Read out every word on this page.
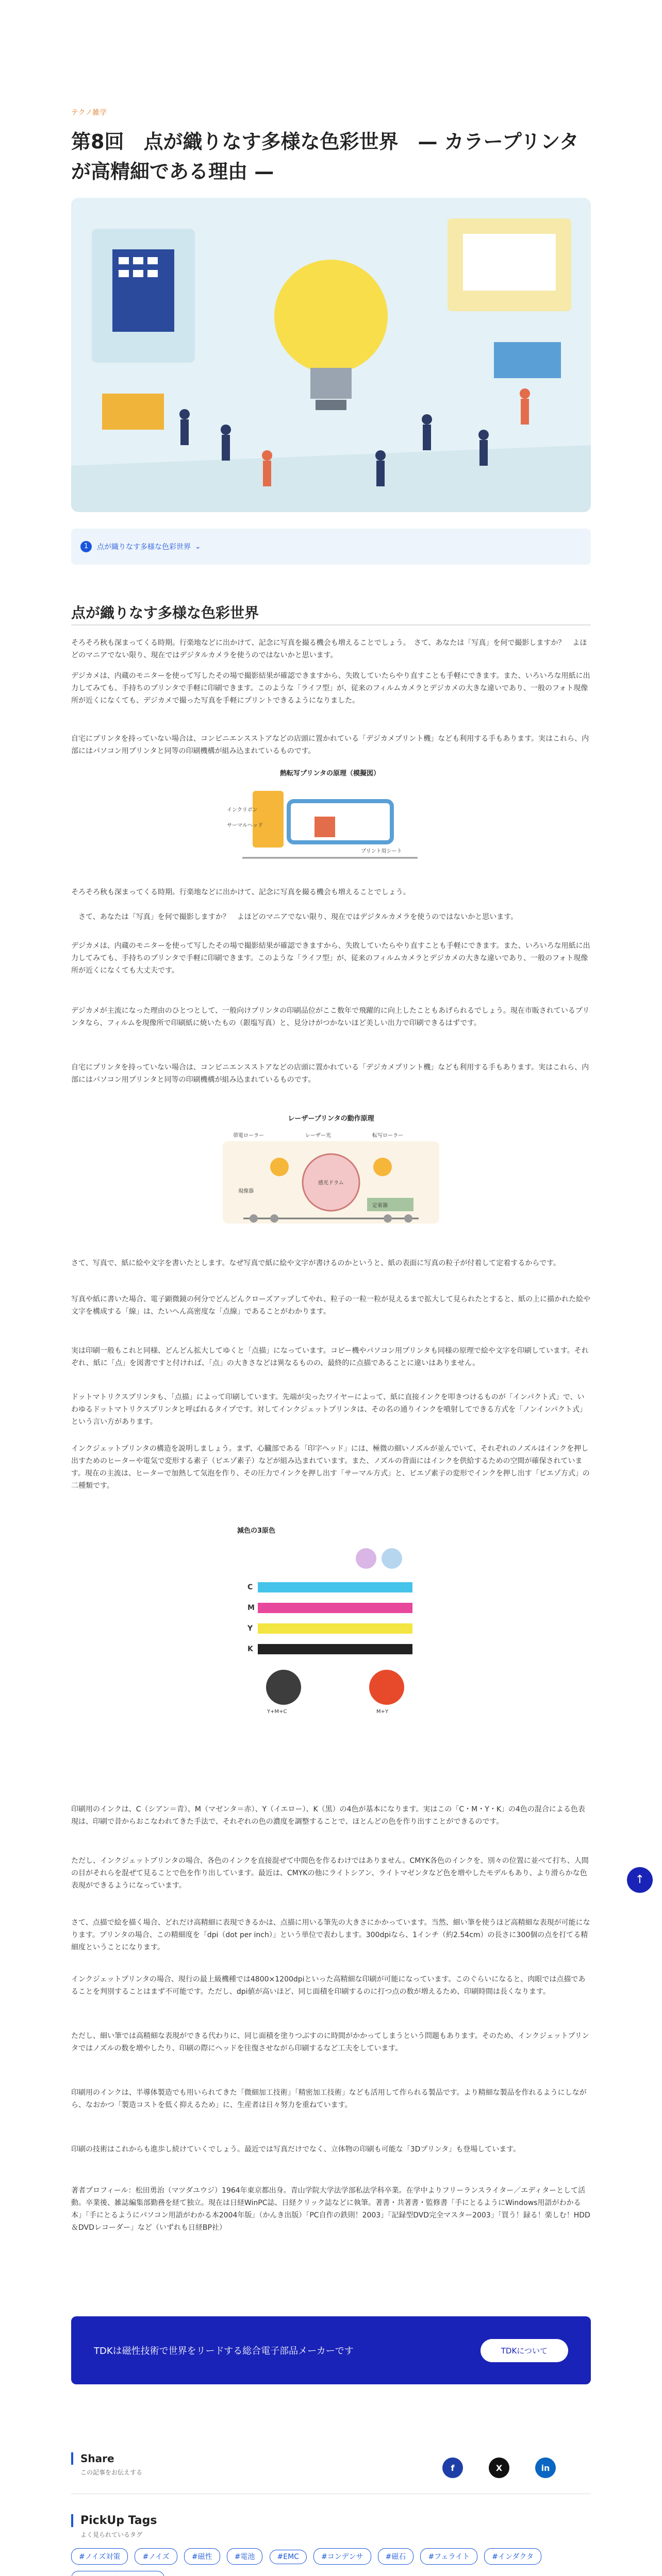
テクノ雑学
第8回　点が織りなす多様な色彩世界　— カラープリンタが高精細である理由 —
1	点が織りなす多様な色彩世界 ⌄
点が織りなす多様な色彩世界
そろそろ秋も深まってくる時期。行楽地などに出かけて、記念に写真を撮る機会も増えることでしょう。　さて、あなたは「写真」を何で撮影しますか？　よほどのマニアでない限り、現在ではデジタルカメラを使うのではないかと思います。
デジカメは、内蔵のモニターを使って写したその場で撮影結果が確認できますから、失敗していたらやり直すことも手軽にできます。また、いろいろな用紙に出力してみても、手持ちのプリンタで手軽に印刷できます。このような「ライフ型」が、従来のフィルムカメラとデジカメの大きな違いであり、一般のフォト現像所が近くになくても、デジカメで撮った写真を手軽にプリントできるようになりました。
自宅にプリンタを持っていない場合は、コンビニエンスストアなどの店頭に置かれている「デジカメプリント機」なども利用する手もあります。実はこれら、内部にはパソコン用プリンタと同等の印刷機構が組み込まれているものです。
熱転写プリンタの原理（模擬図）
インクリボン
サーマルヘッド
プリント用シート
そろそろ秋も深まってくる時期。行楽地などに出かけて、記念に写真を撮る機会も増えることでしょう。
　さて、あなたは「写真」を何で撮影しますか？　よほどのマニアでない限り、現在ではデジタルカメラを使うのではないかと思います。
デジカメは、内蔵のモニターを使って写したその場で撮影結果が確認できますから、失敗していたらやり直すことも手軽にできます。また、いろいろな用紙に出力してみても、手持ちのプリンタで手軽に印刷できます。このような「ライフ型」が、従来のフィルムカメラとデジカメの大きな違いであり、一般のフォト現像所が近くになくても大丈夫です。
デジカメが主流になった理由のひとつとして、一般向けプリンタの印刷品位がここ数年で飛躍的に向上したこともあげられるでしょう。現在市販されているプリンタなら、フィルムを現像所で印刷紙に焼いたもの（銀塩写真）と、見分けがつかないほど美しい出力で印刷できるはずです。
自宅にプリンタを持っていない場合は、コンビニエンスストアなどの店頭に置かれている「デジカメプリント機」なども利用する手もあります。実はこれら、内部にはパソコン用プリンタと同等の印刷機構が組み込まれているものです。
レーザープリンタの動作原理
帯電ローラー	レーザー光
感光ドラム
転写ローラー
定着器
現像器
さて、写真で、紙に絵や文字を書いたとします。なぜ写真で紙に絵や文字が書けるのかというと、紙の表面に写真の粒子が付着して定着するからです。
写真や紙に書いた場合、電子顕微鏡の何分でどんどんクローズアップしてやれ、粒子の一粒一粒が見えるまで拡大して見られたとすると、紙の上に描かれた絵や文字を構成する「線」は、たいへん高密度な「点線」であることがわかります。
実は印刷一般もこれと同様、どんどん拡大してゆくと「点描」になっています。コピー機やパソコン用プリンタも同様の原理で絵や文字を印刷しています。それぞれ、紙に「点」を図書ですと付ければ、「点」の大きさなどは異なるものの、最終的に点描であることに違いはありません。
ドットマトリクスプリンタも、「点描」によって印刷しています。先端が尖ったワイヤーによって、紙に直接インクを叩きつけるものが「インパクト式」で、いわゆるドットマトリクスプリンタと呼ばれるタイプです。対してインクジェットプリンタは、その名の通りインクを噴射してできる方式を「ノンインパクト式」という言い方があります。
インクジェットプリンタの構造を説明しましょう。まず、心臓部である「印字ヘッド」には、極微の細いノズルが並んでいて、それぞれのノズルはインクを押し出すためのヒーターや電気で変形する素子（ピエゾ素子）などが組み込まれています。また、ノズルの背面にはインクを供給するための空間が確保されています。現在の主流は、ヒーターで加熱して気泡を作り、その圧力でインクを押し出す「サーマル方式」と、ピエゾ素子の変形でインクを押し出す「ピエゾ方式」の二種類です。
減色の3原色
C
M
Y
K
Y+M+C	M+Y
印刷用のインクは、C（シアン＝青）、M（マゼンタ＝赤）、Y（イエロー）、K（黒）の4色が基本になります。実はこの「C・M・Y・K」の4色の混合による色表現は、印刷で昔からおこなわれてきた手法で、それぞれの色の濃度を調整することで、ほとんどの色を作り出すことができるのです。
ただし、インクジェットプリンタの場合、各色のインクを直接混ぜて中間色を作るわけではありません。CMYK各色のインクを、別々の位置に並べて打ち、人間の目がそれらを混ぜて見ることで色を作り出しています。最近は、CMYKの他にライトシアン、ライトマゼンタなど色を増やしたモデルもあり、より滑らかな色表現ができるようになっています。
さて、点描で絵を描く場合、どれだけ高精細に表現できるかは、点描に用いる筆先の大きさにかかっています。当然、細い筆を使うほど高精細な表現が可能になります。プリンタの場合、この精細度を「dpi（dot per inch）」という単位で表わします。300dpiなら、1インチ（約2.54cm）の長さに300個の点を打てる精細度ということになります。
インクジェットプリンタの場合、現行の最上級機種では4800×1200dpiといった高精細な印刷が可能になっています。このぐらいになると、肉眼では点描であることを判別することはまず不可能です。ただし、dpi値が高いほど、同じ面積を印刷するのに打つ点の数が増えるため、印刷時間は長くなります。
ただし、細い筆では高精細な表現ができる代わりに、同じ面積を塗りつぶすのに時間がかかってしまうという問題もあります。そのため、インクジェットプリンタではノズルの数を増やしたり、印刷の際にヘッドを往復させながら印刷するなど工夫をしています。
印刷用のインクは、半導体製造でも用いられてきた「微細加工技術」「精密加工技術」なども活用して作られる製品です。より精細な製品を作れるようにしながら、なおかつ「製造コストを低く抑えるため」に、生産者は日々努力を重ねています。
印刷の技術はこれからも進歩し続けていくでしょう。最近では写真だけでなく、立体物の印刷も可能な「3Dプリンタ」も登場しています。
著者プロフィール：松田勇治（マツダユウジ）1964年東京都出身。青山学院大学法学部私法学科卒業。在学中よりフリーランスライター／エディターとして活動。卒業後、雑誌編集部勤務を経て独立。現在は日経WinPC誌、日経クリック誌などに執筆。著書・共著書・監修書「手にとるようにWindows用語がわかる本」「手にとるようにパソコン用語がわかる本2004年版」（かんき出版）「PC自作の鉄則！2003」「記録型DVD完全マスター2003」「買う！録る！楽しむ！HDD＆DVDレコーダー」など（いずれも日経BP社）
TDKは磁性技術で世界をリードする総合電子部品メーカーです	TDKについて
Share
この記事をお伝えする	f	X	in
PickUp Tags
よく見られているタグ
#ノイズ対策	#ノイズ	#磁性	#電池	#EMC	#コンデンサ	#磁石	#フェライト	#インダクタ
↑
